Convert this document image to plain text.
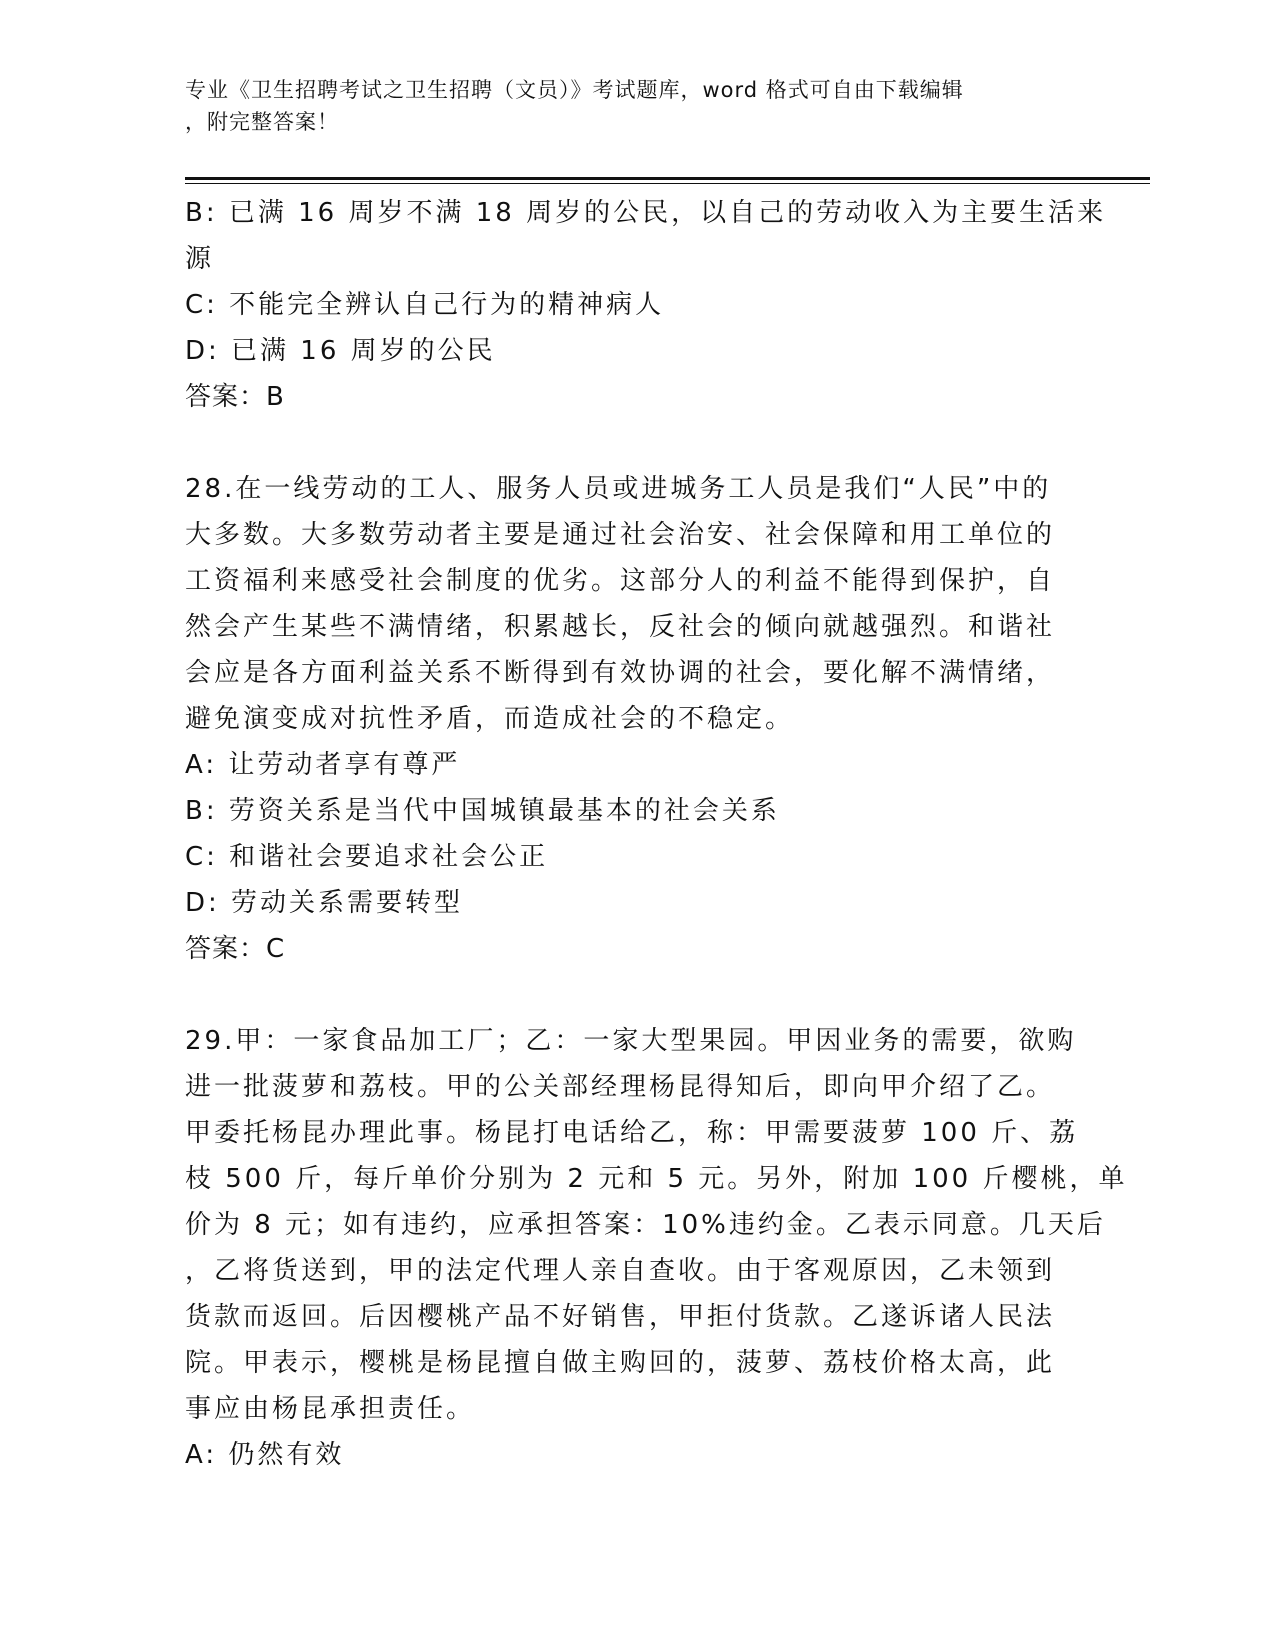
专业《卫生招聘考试之卫生招聘（文员）》考试题库，word 格式可自由下载编辑
，附完整答案！
B: 已满 16 周岁不满 18 周岁的公民，以自己的劳动收入为主要生活来
源
C: 不能完全辨认自己行为的精神病人
D: 已满 16 周岁的公民
答案：B
28.在一线劳动的工人、服务人员或进城务工人员是我们“人民”中的
大多数。大多数劳动者主要是通过社会治安、社会保障和用工单位的
工资福利来感受社会制度的优劣。这部分人的利益不能得到保护，自
然会产生某些不满情绪，积累越长，反社会的倾向就越强烈。和谐社
会应是各方面利益关系不断得到有效协调的社会，要化解不满情绪，
避免演变成对抗性矛盾，而造成社会的不稳定。
A: 让劳动者享有尊严
B: 劳资关系是当代中国城镇最基本的社会关系
C: 和谐社会要追求社会公正
D: 劳动关系需要转型
答案：C
29.甲：一家食品加工厂；乙：一家大型果园。甲因业务的需要，欲购
进一批菠萝和荔枝。甲的公关部经理杨昆得知后，即向甲介绍了乙。
甲委托杨昆办理此事。杨昆打电话给乙，称：甲需要菠萝 100 斤、荔
枝 500 斤，每斤单价分别为 2 元和 5 元。另外，附加 100 斤樱桃，单
价为 8 元；如有违约，应承担答案：10%违约金。乙表示同意。几天后
，乙将货送到，甲的法定代理人亲自查收。由于客观原因，乙未领到
货款而返回。后因樱桃产品不好销售，甲拒付货款。乙遂诉诸人民法
院。甲表示，樱桃是杨昆擅自做主购回的，菠萝、荔枝价格太高，此
事应由杨昆承担责任。
A: 仍然有效
